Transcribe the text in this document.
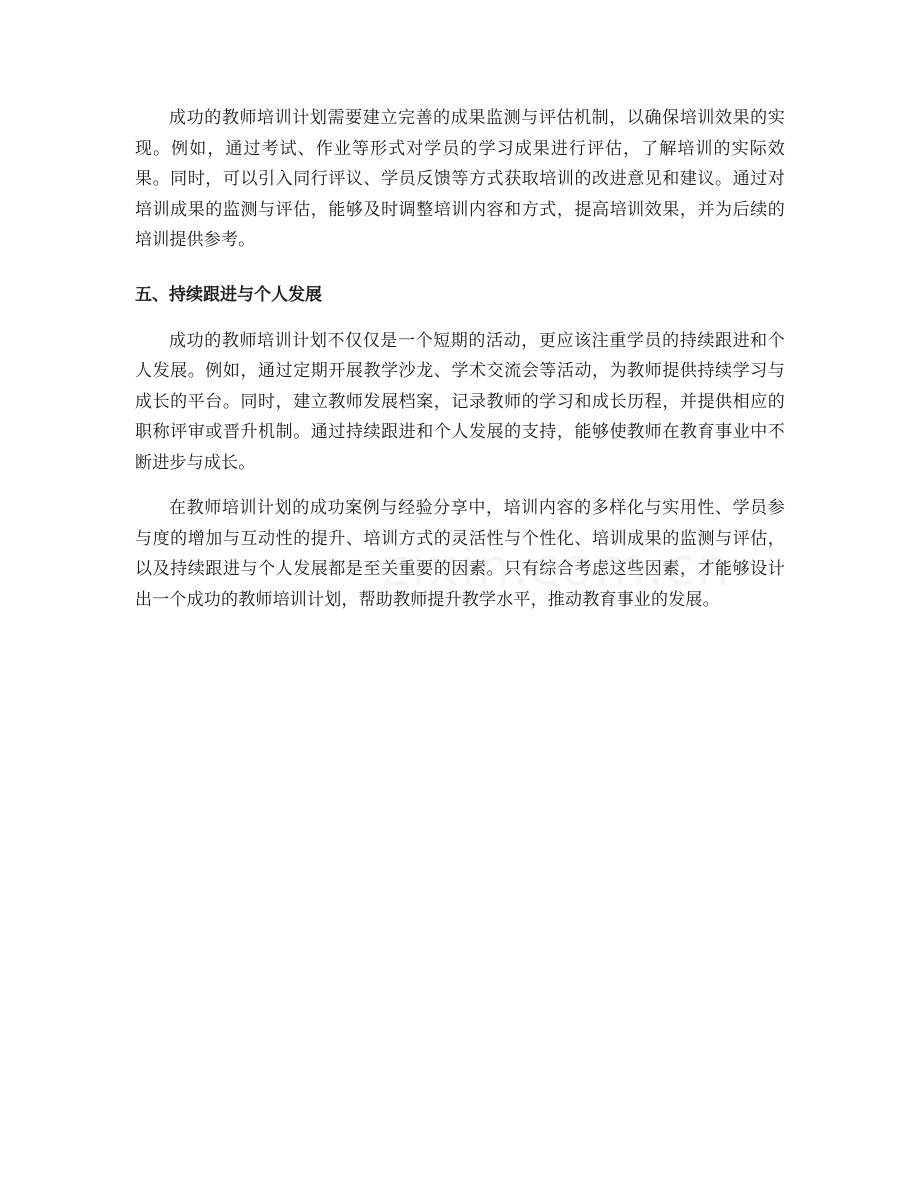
成功的教师培训计划需要建立完善的成果监测与评估机制，以确保培训效果的实现。例如，通过考试、作业等形式对学员的学习成果进行评估，了解培训的实际效果。同时，可以引入同行评议、学员反馈等方式获取培训的改进意见和建议。通过对培训成果的监测与评估，能够及时调整培训内容和方式，提高培训效果，并为后续的培训提供参考。

五、持续跟进与个人发展

成功的教师培训计划不仅仅是一个短期的活动，更应该注重学员的持续跟进和个人发展。例如，通过定期开展教学沙龙、学术交流会等活动，为教师提供持续学习与成长的平台。同时，建立教师发展档案，记录教师的学习和成长历程，并提供相应的职称评审或晋升机制。通过持续跟进和个人发展的支持，能够使教师在教育事业中不断进步与成长。

在教师培训计划的成功案例与经验分享中，培训内容的多样化与实用性、学员参与度的增加与互动性的提升、培训方式的灵活性与个性化、培训成果的监测与评估，以及持续跟进与个人发展都是至关重要的因素。只有综合考虑这些因素，才能够设计出一个成功的教师培训计划，帮助教师提升教学水平，推动教育事业的发展。
